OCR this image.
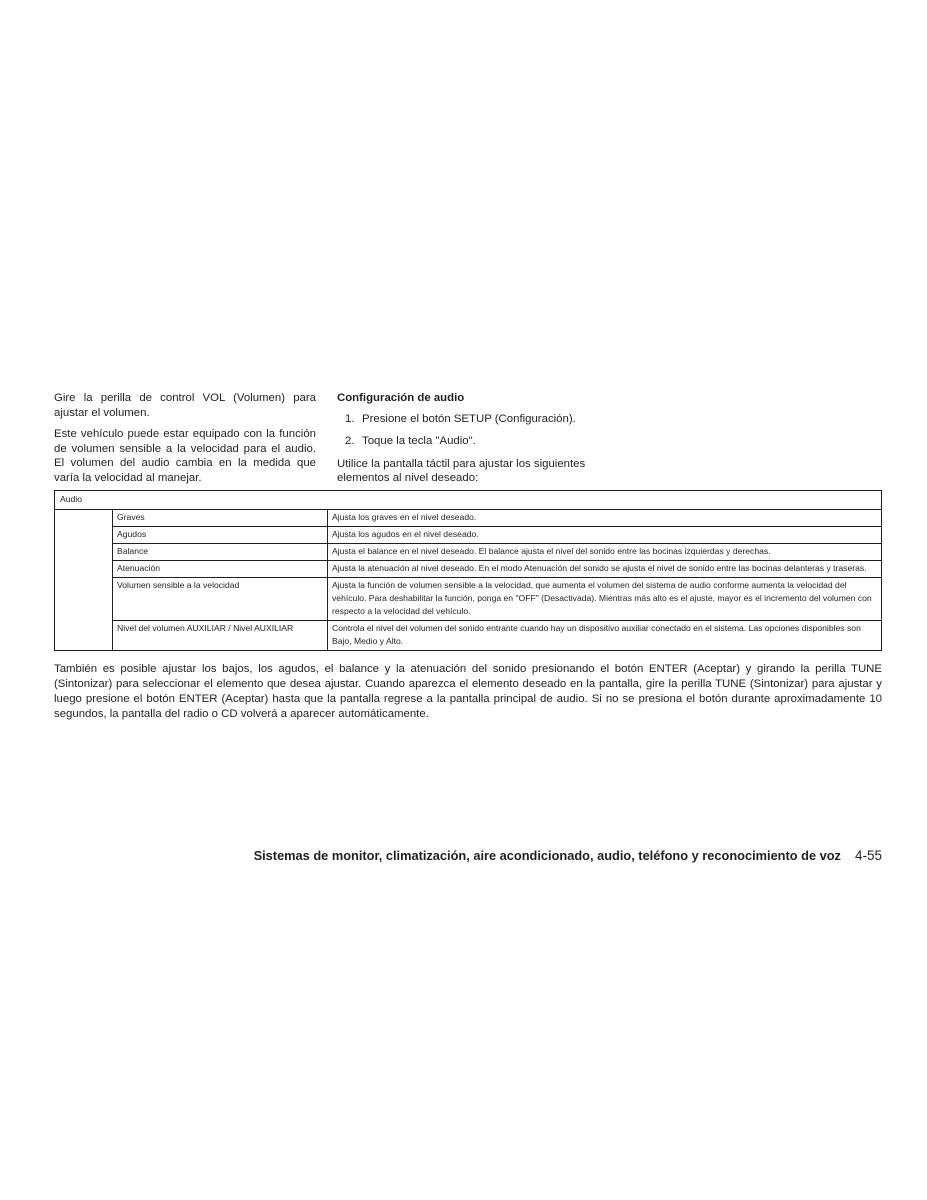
Gire la perilla de control VOL (Volumen) para ajustar el volumen.

Este vehículo puede estar equipado con la función de volumen sensible a la velocidad para el audio. El volumen del audio cambia en la medida que varía la velocidad al manejar.

Configuración de audio
1. Presione el botón SETUP (Configuración).
2. Toque la tecla "Audio".

Utilice la pantalla táctil para ajustar los siguientes elementos al nivel deseado:

Audio		
	Graves	Ajusta los graves en el nivel deseado.
	Agudos	Ajusta los agudos en el nivel deseado.
	Balance	Ajusta el balance en el nivel deseado. El balance ajusta el nivel del sonido entre las bocinas izquierdas y derechas.
	Atenuación	Ajusta la atenuación al nivel deseado. En el modo Atenuación del sonido se ajusta el nivel de sonido entre las bocinas delanteras y traseras.
	Volumen sensible a la velocidad	Ajusta la función de volumen sensible a la velocidad, que aumenta el volumen del sistema de audio conforme aumenta la velocidad del vehículo. Para deshabilitar la función, ponga en "OFF" (Desactivada). Mientras más alto es el ajuste, mayor es el incremento del volumen con respecto a la velocidad del vehículo.
	Nivel del volumen AUXILIAR / Nivel AUXILIAR	Controla el nivel del volumen del sonido entrante cuando hay un dispositivo auxiliar conectado en el sistema. Las opciones disponibles son Bajo, Medio y Alto.

También es posible ajustar los bajos, los agudos, el balance y la atenuación del sonido presionando el botón ENTER (Aceptar) y girando la perilla TUNE (Sintonizar) para seleccionar el elemento que desea ajustar. Cuando aparezca el elemento deseado en la pantalla, gire la perilla TUNE (Sintonizar) para ajustar y luego presione el botón ENTER (Aceptar) hasta que la pantalla regrese a la pantalla principal de audio. Si no se presiona el botón durante aproximadamente 10 segundos, la pantalla del radio o CD volverá a aparecer automáticamente.

Sistemas de monitor, climatización, aire acondicionado, audio, teléfono y reconocimiento de voz 4-55
